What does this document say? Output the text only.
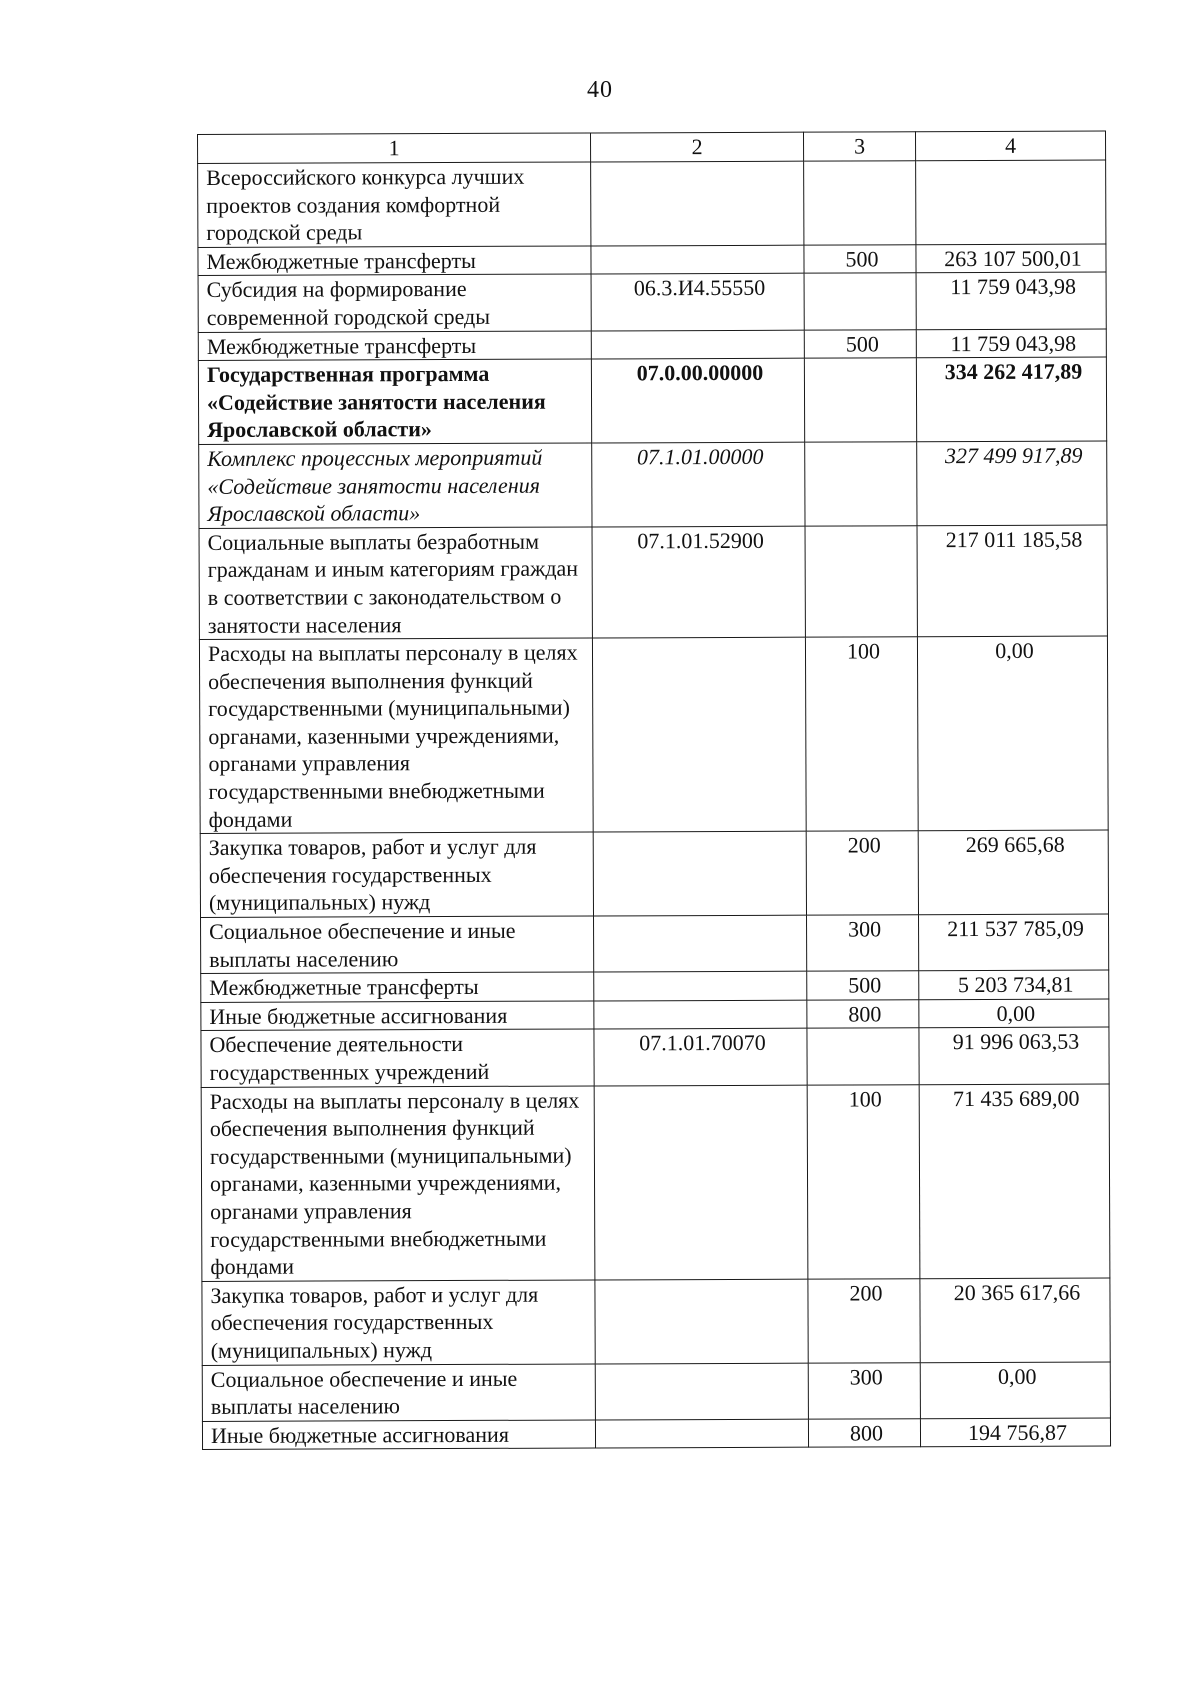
40
1	2	3	4
Всероссийского конкурса лучших проектов создания комфортной городской среды			
Межбюджетные трансферты		500	263 107 500,01
Субсидия на формирование современной городской среды	06.3.И4.55550		11 759 043,98
Межбюджетные трансферты		500	11 759 043,98
Государственная программа «Содействие занятости населения Ярославской области»	07.0.00.00000		334 262 417,89
Комплекс процессных мероприятий «Содействие занятости населения Ярославской области»	07.1.01.00000		327 499 917,89
Социальные выплаты безработным гражданам и иным категориям граждан в соответствии с законодательством о занятости населения	07.1.01.52900		217 011 185,58
Расходы на выплаты персоналу в целях обеспечения выполнения функций государственными (муниципальными) органами, казенными учреждениями, органами управления государственными внебюджетными фондами		100	0,00
Закупка товаров, работ и услуг для обеспечения государственных (муниципальных) нужд		200	269 665,68
Социальное обеспечение и иные выплаты населению		300	211 537 785,09
Межбюджетные трансферты		500	5 203 734,81
Иные бюджетные ассигнования		800	0,00
Обеспечение деятельности государственных учреждений	07.1.01.70070		91 996 063,53
Расходы на выплаты персоналу в целях обеспечения выполнения функций государственными (муниципальными) органами, казенными учреждениями, органами управления государственными внебюджетными фондами		100	71 435 689,00
Закупка товаров, работ и услуг для обеспечения государственных (муниципальных) нужд		200	20 365 617,66
Социальное обеспечение и иные выплаты населению		300	0,00
Иные бюджетные ассигнования		800	194 756,87
